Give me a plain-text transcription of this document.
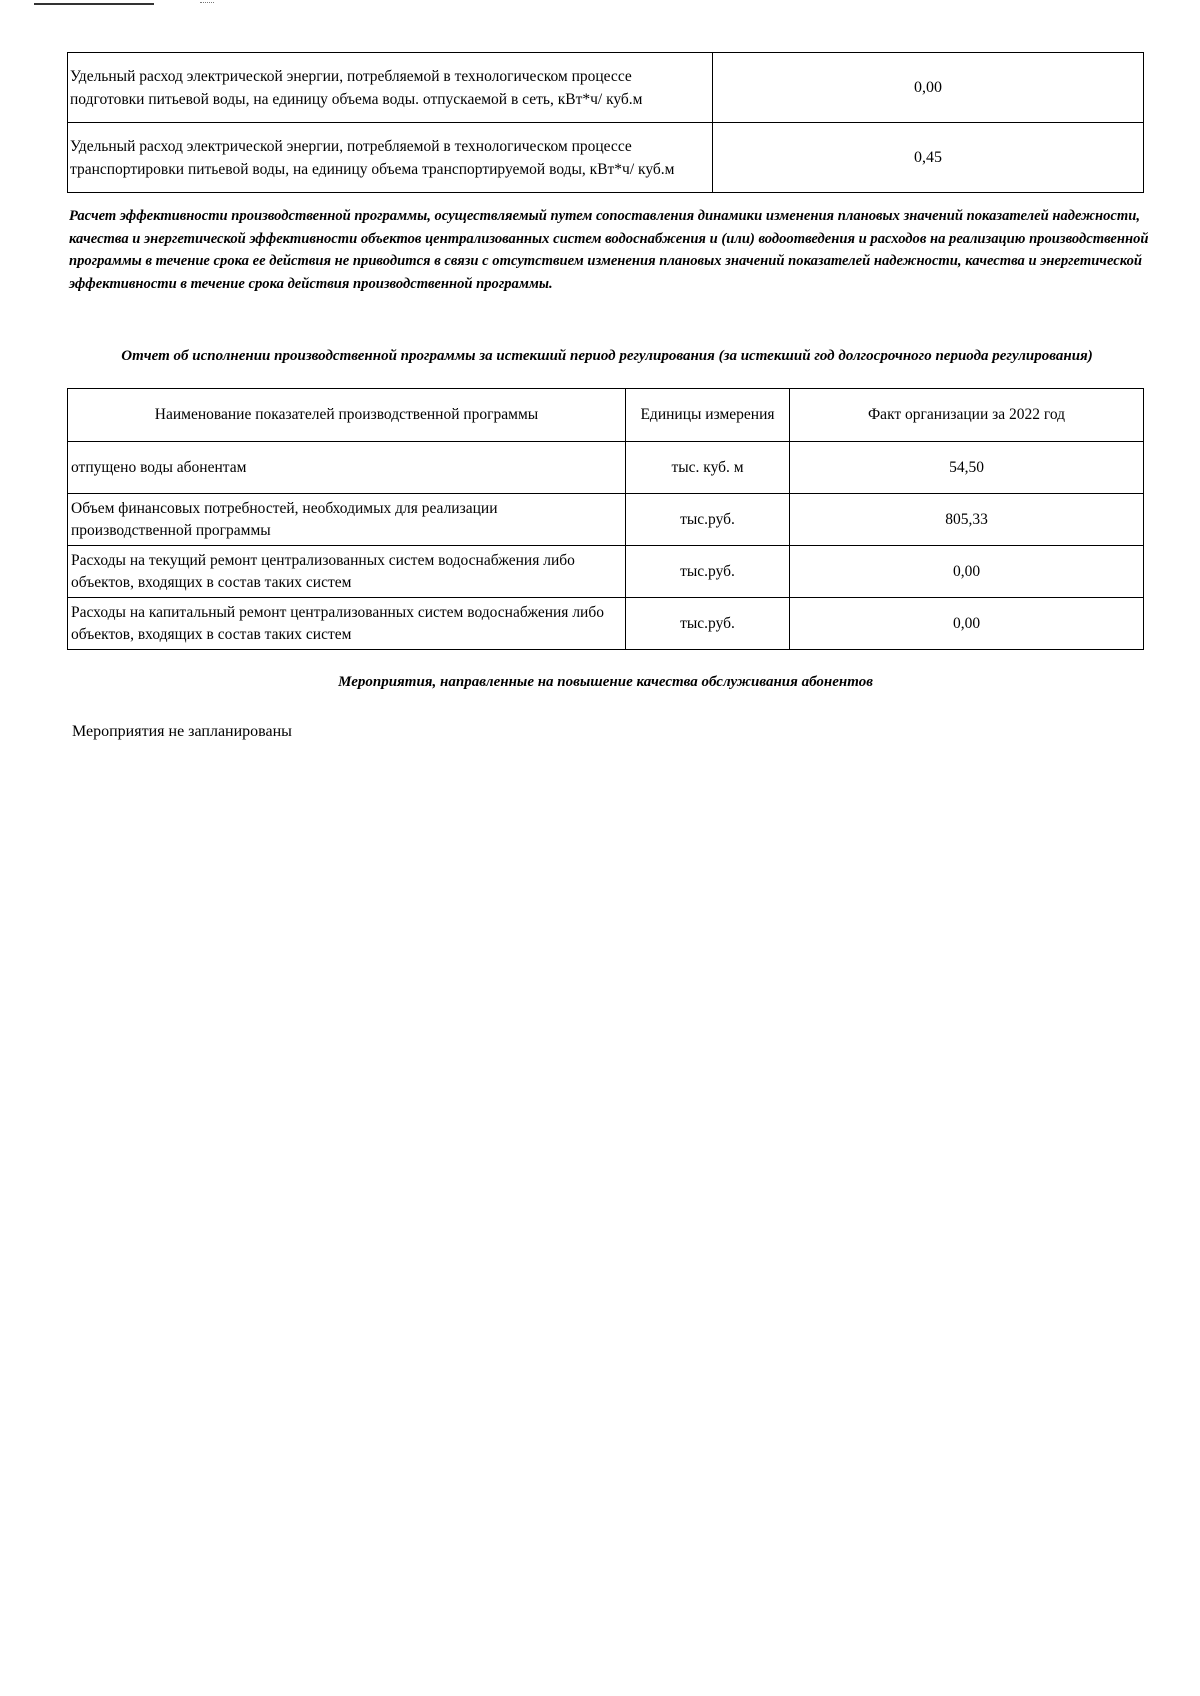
Удельный расход электрической энергии, потребляемой в технологическом процессе подготовки питьевой воды, на единицу объема воды. отпускаемой в сеть, кВт*ч/ куб.м	0,00
Удельный расход электрической энергии, потребляемой в технологическом процессе транспортировки питьевой воды, на единицу объема транспортируемой воды, кВт*ч/ куб.м	0,45
Расчет эффективности производственной программы, осуществляемый путем сопоставления динамики изменения плановых значений показателей надежности, качества и энергетической эффективности объектов централизованных систем водоснабжения и (или) водоотведения и расходов на реализацию производственной программы в течение срока ее действия не приводится в связи с отсутствием изменения плановых значений показателей надежности, качества и энергетической эффективности в течение срока действия производственной программы.
Отчет об исполнении производственной программы за истекший период регулирования (за истекший год долгосрочного периода регулирования)
Наименование показателей производственной программы	Единицы измерения	Факт организации за 2022 год
отпущено воды абонентам	тыс. куб. м	54,50
Объем финансовых потребностей, необходимых для реализации производственной программы	тыс.руб.	805,33
Расходы на текущий ремонт централизованных систем водоснабжения либо объектов, входящих в состав таких систем	тыс.руб.	0,00
Расходы на капитальный ремонт централизованных систем водоснабжения либо объектов, входящих в состав таких систем	тыс.руб.	0,00
Мероприятия, направленные на повышение качества обслуживания абонентов
Мероприятия не запланированы
